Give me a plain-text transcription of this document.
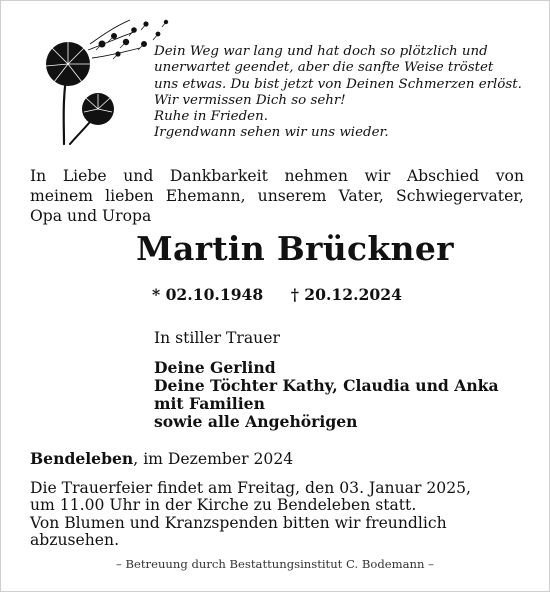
Dein Weg war lang und hat doch so plötzlich und
unerwartet geendet, aber die sanfte Weise tröstet
uns etwas. Du bist jetzt von Deinen Schmerzen erlöst.
Wir vermissen Dich so sehr!
Ruhe in Frieden.
Irgendwann sehen wir uns wieder.
In Liebe und Dankbarkeit nehmen wir Abschied von
meinem lieben Ehemann, unserem Vater, Schwiegervater,
Opa und Uropa
Martin Brückner
* 02.10.1948 † 20.12.2024
In stiller Trauer
Deine Gerlind
Deine Töchter Kathy, Claudia und Anka
mit Familien
sowie alle Angehörigen
Bendeleben, im Dezember 2024
Die Trauerfeier findet am Freitag, den 03. Januar 2025,
um 11.00 Uhr in der Kirche zu Bendeleben statt.
Von Blumen und Kranzspenden bitten wir freundlich
abzusehen.
– Betreuung durch Bestattungsinstitut C. Bodemann –
